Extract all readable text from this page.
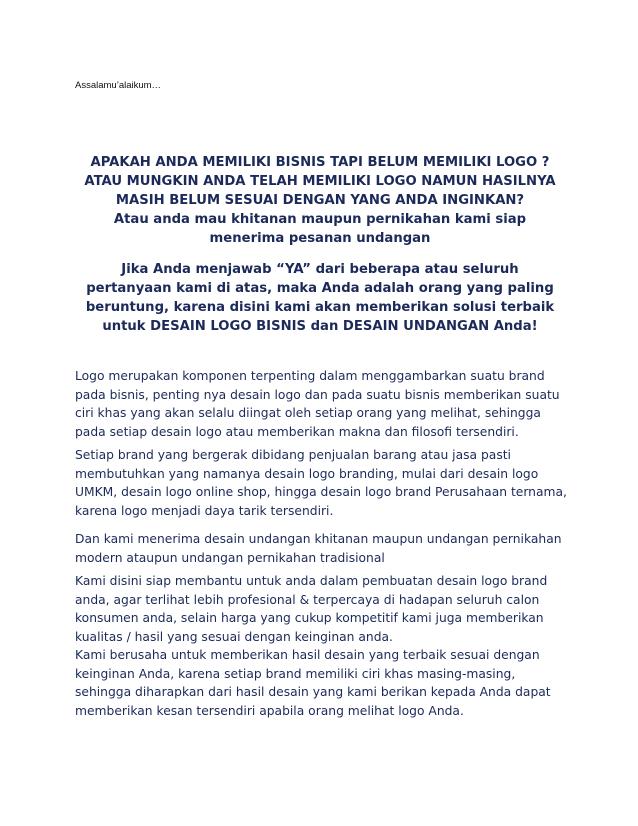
Assalamu’alaikum…

APAKAH ANDA MEMILIKI BISNIS TAPI BELUM MEMILIKI LOGO ? ATAU MUNGKIN ANDA TELAH MEMILIKI LOGO NAMUN HASILNYA MASIH BELUM SESUAI DENGAN YANG ANDA INGINKAN?

Atau anda mau khitanan maupun pernikahan kami siap menerima pesanan undangan

Jika Anda menjawab “YA” dari beberapa atau seluruh pertanyaan kami di atas, maka Anda adalah orang yang paling beruntung, karena disini kami akan memberikan solusi terbaik untuk DESAIN LOGO BISNIS dan DESAIN UNDANGAN Anda!

Logo merupakan komponen terpenting dalam menggambarkan suatu brand pada bisnis, penting nya desain logo dan pada suatu bisnis memberikan suatu ciri khas yang akan selalu diingat oleh setiap orang yang melihat, sehingga pada setiap desain logo atau memberikan makna dan filosofi tersendiri.

Setiap brand yang bergerak dibidang penjualan barang atau jasa pasti membutuhkan yang namanya desain logo branding, mulai dari desain logo UMKM, desain logo online shop, hingga desain logo brand Perusahaan ternama, karena logo menjadi daya tarik tersendiri.

Dan kami menerima desain undangan khitanan maupun undangan pernikahan modern ataupun undangan pernikahan tradisional

Kami disini siap membantu untuk anda dalam pembuatan desain logo brand anda, agar terlihat lebih profesional & terpercaya di hadapan seluruh calon konsumen anda, selain harga yang cukup kompetitif kami juga memberikan kualitas / hasil yang sesuai dengan keinginan anda.

Kami berusaha untuk memberikan hasil desain yang terbaik sesuai dengan keinginan Anda, karena setiap brand memiliki ciri khas masing-masing, sehingga diharapkan dari hasil desain yang kami berikan kepada Anda dapat memberikan kesan tersendiri apabila orang melihat logo Anda.
